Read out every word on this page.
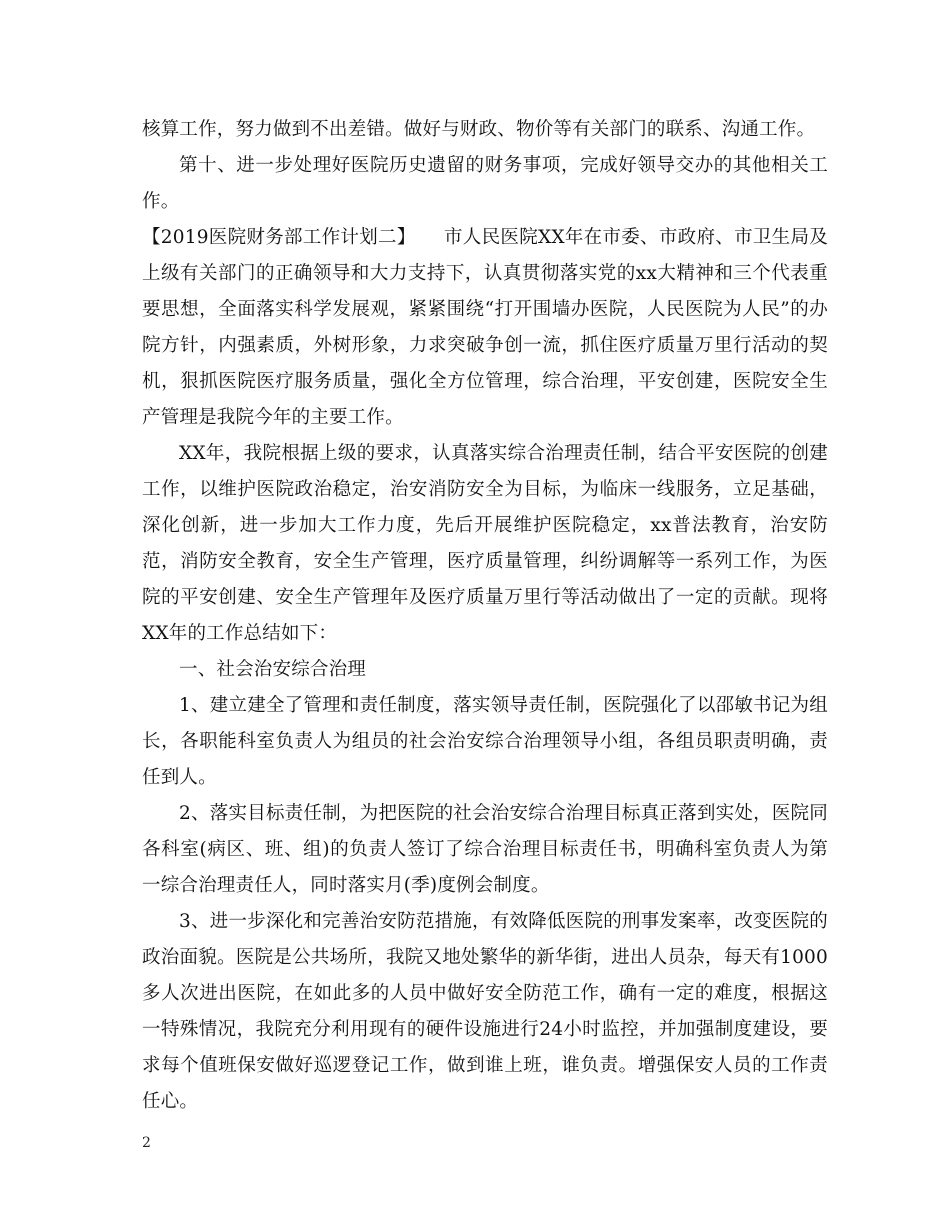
核算工作，努力做到不出差错。做好与财政、物价等有关部门的联系、沟通工作。

第十、进一步处理好医院历史遗留的财务事项，完成好领导交办的其他相关工作。

【2019医院财务部工作计划二】　　市人民医院XX年在市委、市政府、市卫生局及上级有关部门的正确领导和大力支持下，认真贯彻落实党的xx大精神和三个代表重要思想，全面落实科学发展观，紧紧围绕“打开围墙办医院，人民医院为人民”的办院方针，内强素质，外树形象，力求突破争创一流，抓住医疗质量万里行活动的契机，狠抓医院医疗服务质量，强化全方位管理，综合治理，平安创建，医院安全生产管理是我院今年的主要工作。

XX年，我院根据上级的要求，认真落实综合治理责任制，结合平安医院的创建工作，以维护医院政治稳定，治安消防安全为目标，为临床一线服务，立足基础，深化创新，进一步加大工作力度，先后开展维护医院稳定，xx普法教育，治安防范，消防安全教育，安全生产管理，医疗质量管理，纠纷调解等一系列工作，为医院的平安创建、安全生产管理年及医疗质量万里行等活动做出了一定的贡献。现将XX年的工作总结如下：

一、社会治安综合治理

1、建立建全了管理和责任制度，落实领导责任制，医院强化了以邵敏书记为组长，各职能科室负责人为组员的社会治安综合治理领导小组，各组员职责明确，责任到人。

2、落实目标责任制，为把医院的社会治安综合治理目标真正落到实处，医院同各科室(病区、班、组)的负责人签订了综合治理目标责任书，明确科室负责人为第一综合治理责任人，同时落实月(季)度例会制度。

3、进一步深化和完善治安防范措施，有效降低医院的刑事发案率，改变医院的政治面貌。医院是公共场所，我院又地处繁华的新华街，进出人员杂，每天有1000多人次进出医院，在如此多的人员中做好安全防范工作，确有一定的难度，根据这一特殊情况，我院充分利用现有的硬件设施进行24小时监控，并加强制度建设，要求每个值班保安做好巡逻登记工作，做到谁上班，谁负责。增强保安人员的工作责任心。

2
